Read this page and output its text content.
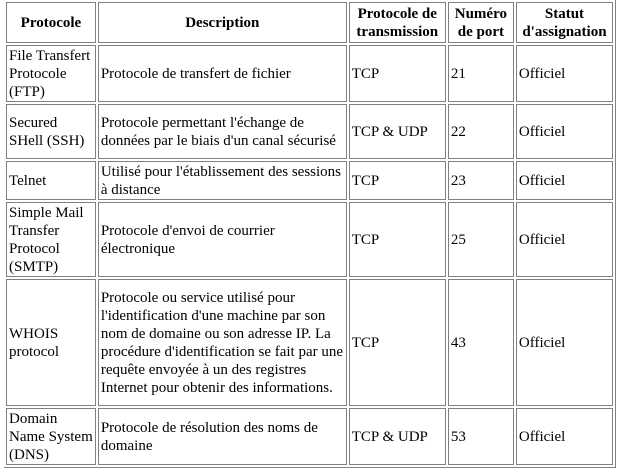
Protocole	Description	Protocole de transmission	Numéro de port	Statut d'assignation
File Transfert Protocole (FTP)	Protocole de transfert de fichier	TCP	21	Officiel
Secured SHell (SSH)	Protocole permettant l'échange de données par le biais d'un canal sécurisé	TCP & UDP	22	Officiel
Telnet	Utilisé pour l'établissement des sessions à distance	TCP	23	Officiel
Simple Mail Transfer Protocol (SMTP)	Protocole d'envoi de courrier électronique	TCP	25	Officiel
WHOIS protocol	Protocole ou service utilisé pour l'identification d'une machine par son nom de domaine ou son adresse IP. La procédure d'identification se fait par une requête envoyée à un des registres Internet pour obtenir des informations.	TCP	43	Officiel
Domain Name System (DNS)	Protocole de résolution des noms de domaine	TCP & UDP	53	Officiel
